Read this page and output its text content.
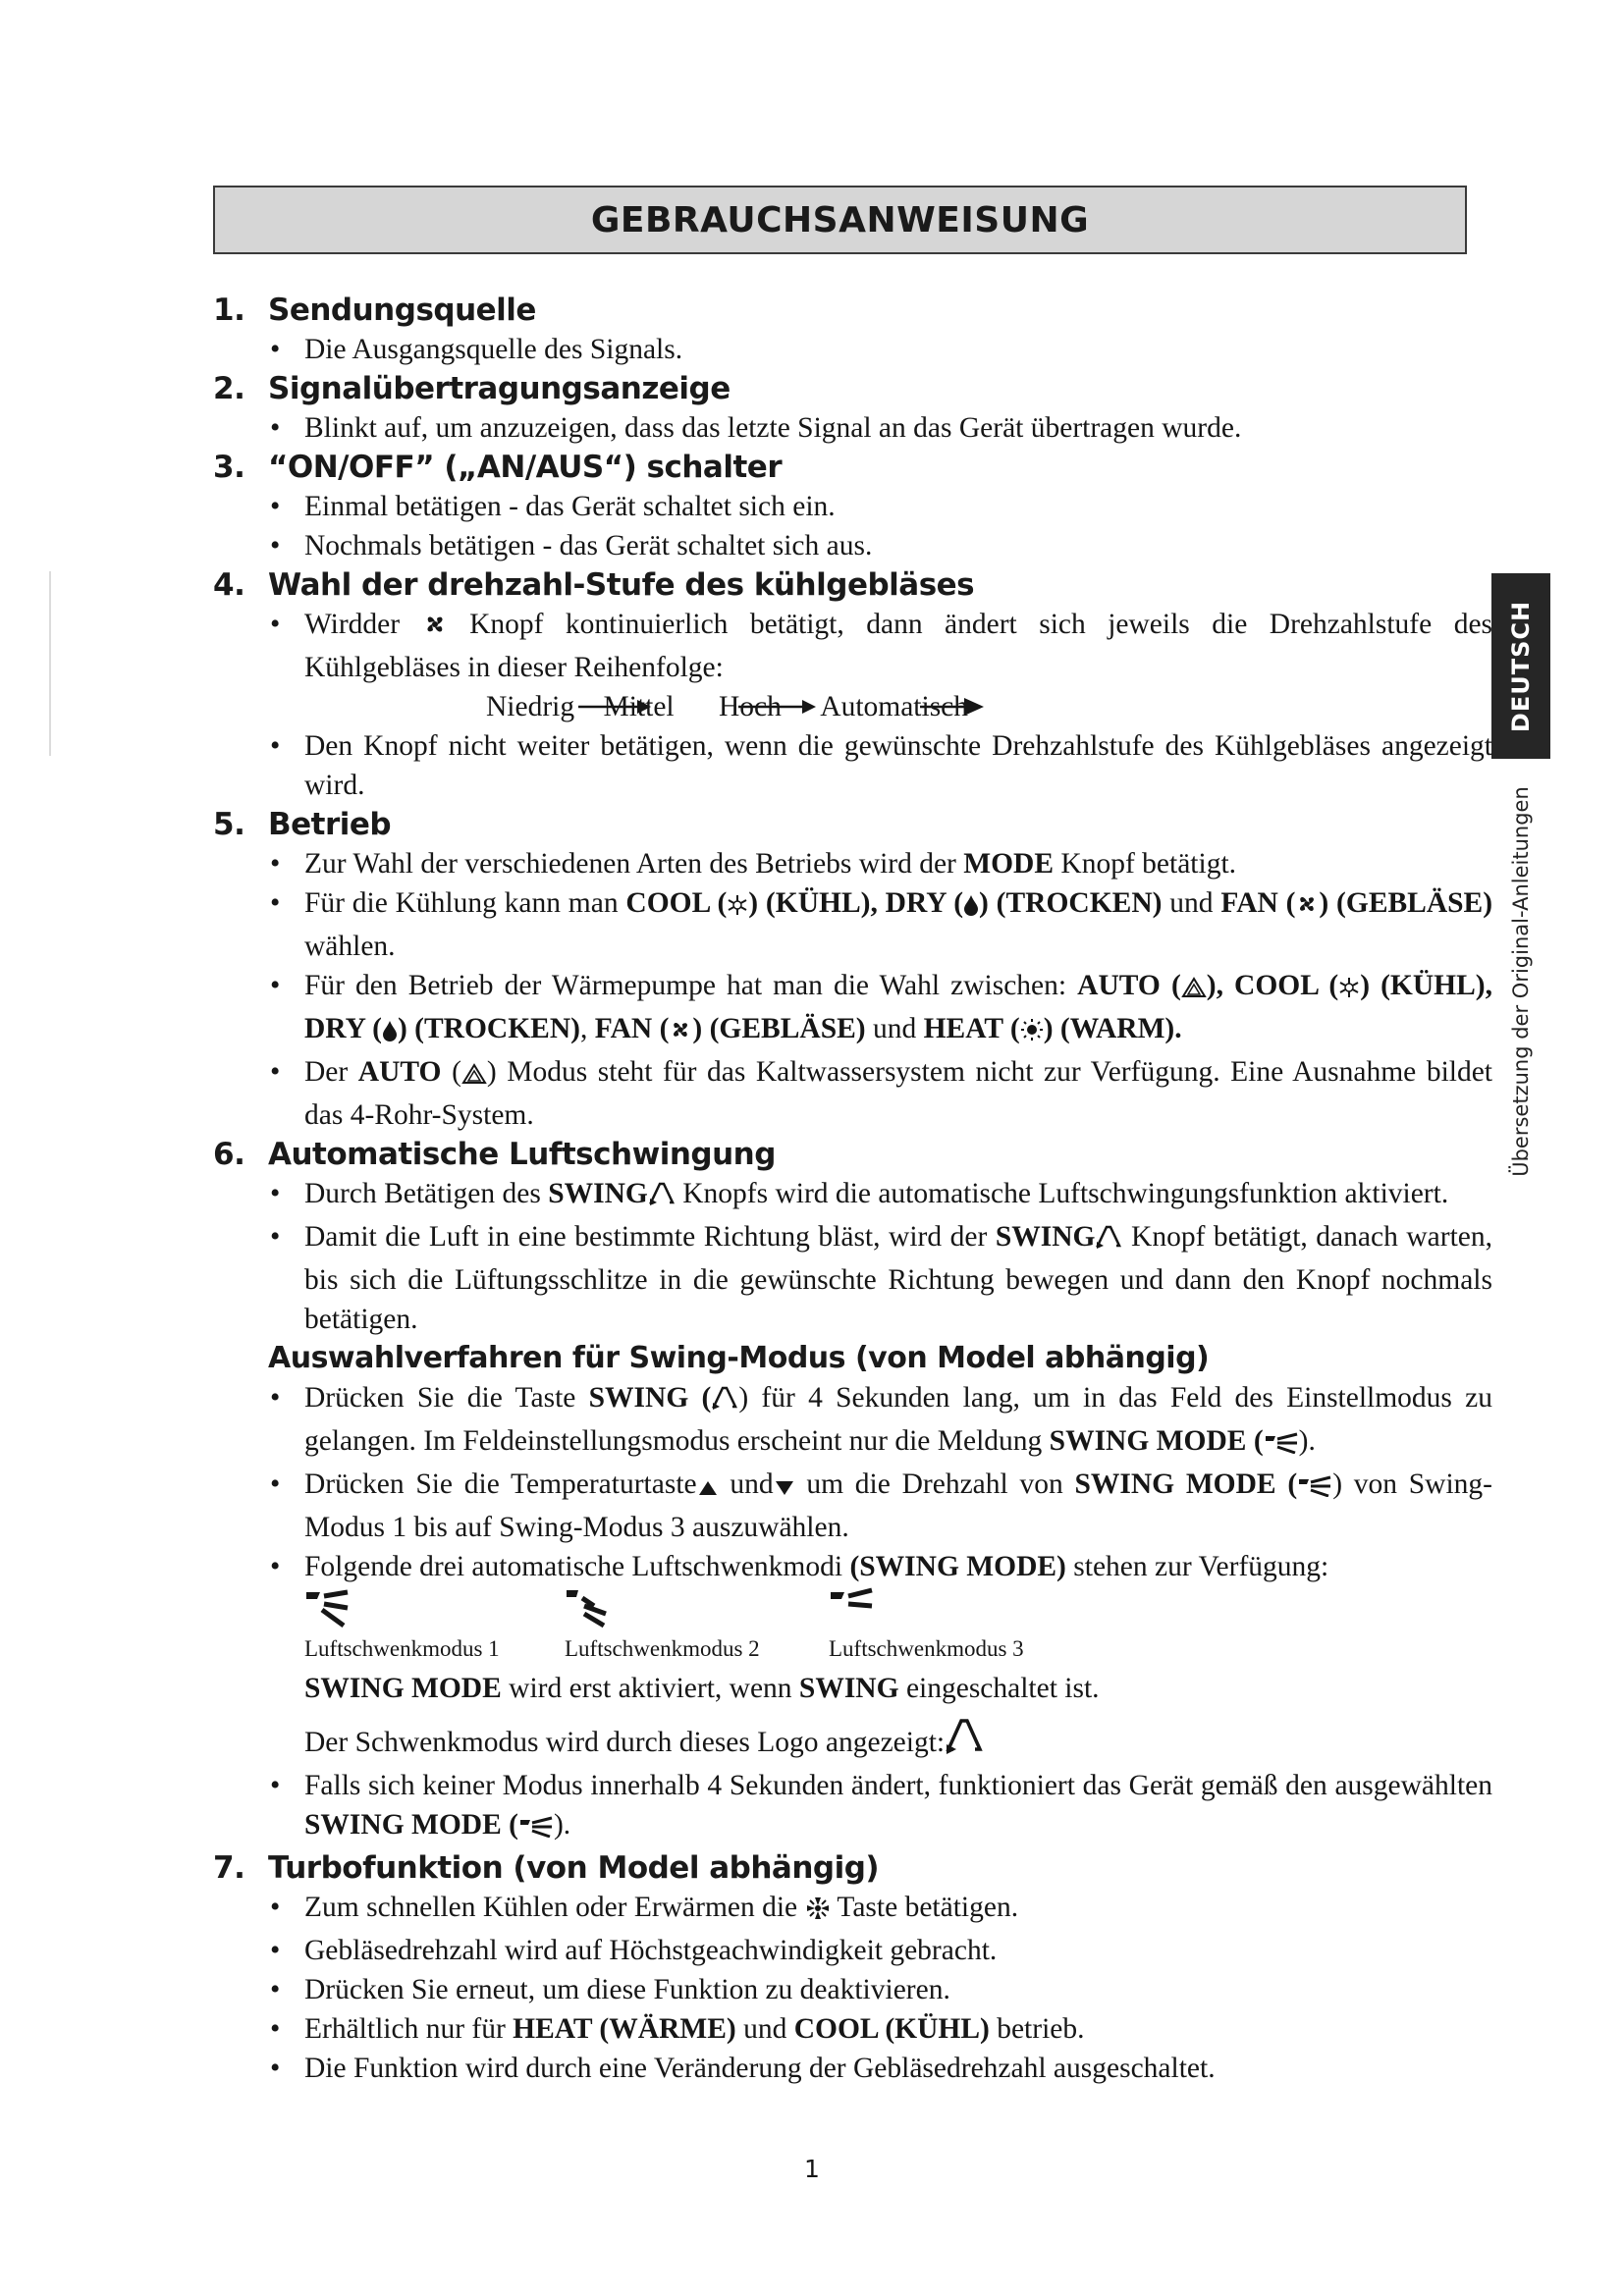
GEBRAUCHSANWEISUNG
DEUTSCH
Übersetzung der Original-Anleitungen
1. Sendungsquelle
• Die Ausgangsquelle des Signals.
2. Signalübertragungsanzeige
• Blinkt auf, um anzuzeigen, dass das letzte Signal an das Gerät übertragen wurde.
3. “ON/OFF” („AN/AUS“) schalter
• Einmal betätigen - das Gerät schaltet sich ein.
• Nochmals betätigen - das Gerät schaltet sich aus.
4. Wahl der drehzahl-Stufe des kühlgebläses
• Wirdder Knopf kontinuierlich betätigt, dann ändert sich jeweils die Drehzahlstufe des Kühlgebläses in dieser Reihenfolge:
Niedrig Mittel Hoch Automatisch
• Den Knopf nicht weiter betätigen, wenn die gewünschte Drehzahlstufe des Kühlgebläses angezeigt wird.
5. Betrieb
• Zur Wahl der verschiedenen Arten des Betriebs wird der MODE Knopf betätigt.
• Für die Kühlung kann man COOL ( ) (KÜHL), DRY ( ) (TROCKEN) und FAN ( ) (GEBLÄSE) wählen.
• Für den Betrieb der Wärmepumpe hat man die Wahl zwischen: AUTO ( ), COOL ( ) (KÜHL), DRY ( ) (TROCKEN), FAN ( ) (GEBLÄSE) und HEAT ( ) (WARM).
• Der AUTO ( ) Modus steht für das Kaltwassersystem nicht zur Verfügung. Eine Ausnahme bildet das 4-Rohr-System.
6. Automatische Luftschwingung
• Durch Betätigen des SWING Knopfs wird die automatische Luftschwingungsfunktion aktiviert.
• Damit die Luft in eine bestimmte Richtung bläst, wird der SWING Knopf betätigt, danach warten, bis sich die Lüftungsschlitze in die gewünschte Richtung bewegen und dann den Knopf nochmals betätigen.
Auswahlverfahren für Swing-Modus (von Model abhängig)
• Drücken Sie die Taste SWING ( ) für 4 Sekunden lang, um in das Feld des Einstellmodus zu gelangen. Im Feldeinstellungsmodus erscheint nur die Meldung SWING MODE ( ).
• Drücken Sie die Temperaturtaste und um die Drehzahl von SWING MODE ( ) von Swing-Modus 1 bis auf Swing-Modus 3 auszuwählen.
• Folgende drei automatische Luftschwenkmodi (SWING MODE) stehen zur Verfügung:
Luftschwenkmodus 1	Luftschwenkmodus 2	Luftschwenkmodus 3
SWING MODE wird erst aktiviert, wenn SWING eingeschaltet ist.
Der Schwenkmodus wird durch dieses Logo angezeigt:
• Falls sich keiner Modus innerhalb 4 Sekunden ändert, funktioniert das Gerät gemäß den ausgewählten SWING MODE ( ).
7. Turbofunktion (von Model abhängig)
• Zum schnellen Kühlen oder Erwärmen die Taste betätigen.
• Gebläsedrehzahl wird auf Höchstgeachwindigkeit gebracht.
• Drücken Sie erneut, um diese Funktion zu deaktivieren.
• Erhältlich nur für HEAT (WÄRME) und COOL (KÜHL) betrieb.
• Die Funktion wird durch eine Veränderung der Gebläsedrehzahl ausgeschaltet.
1
